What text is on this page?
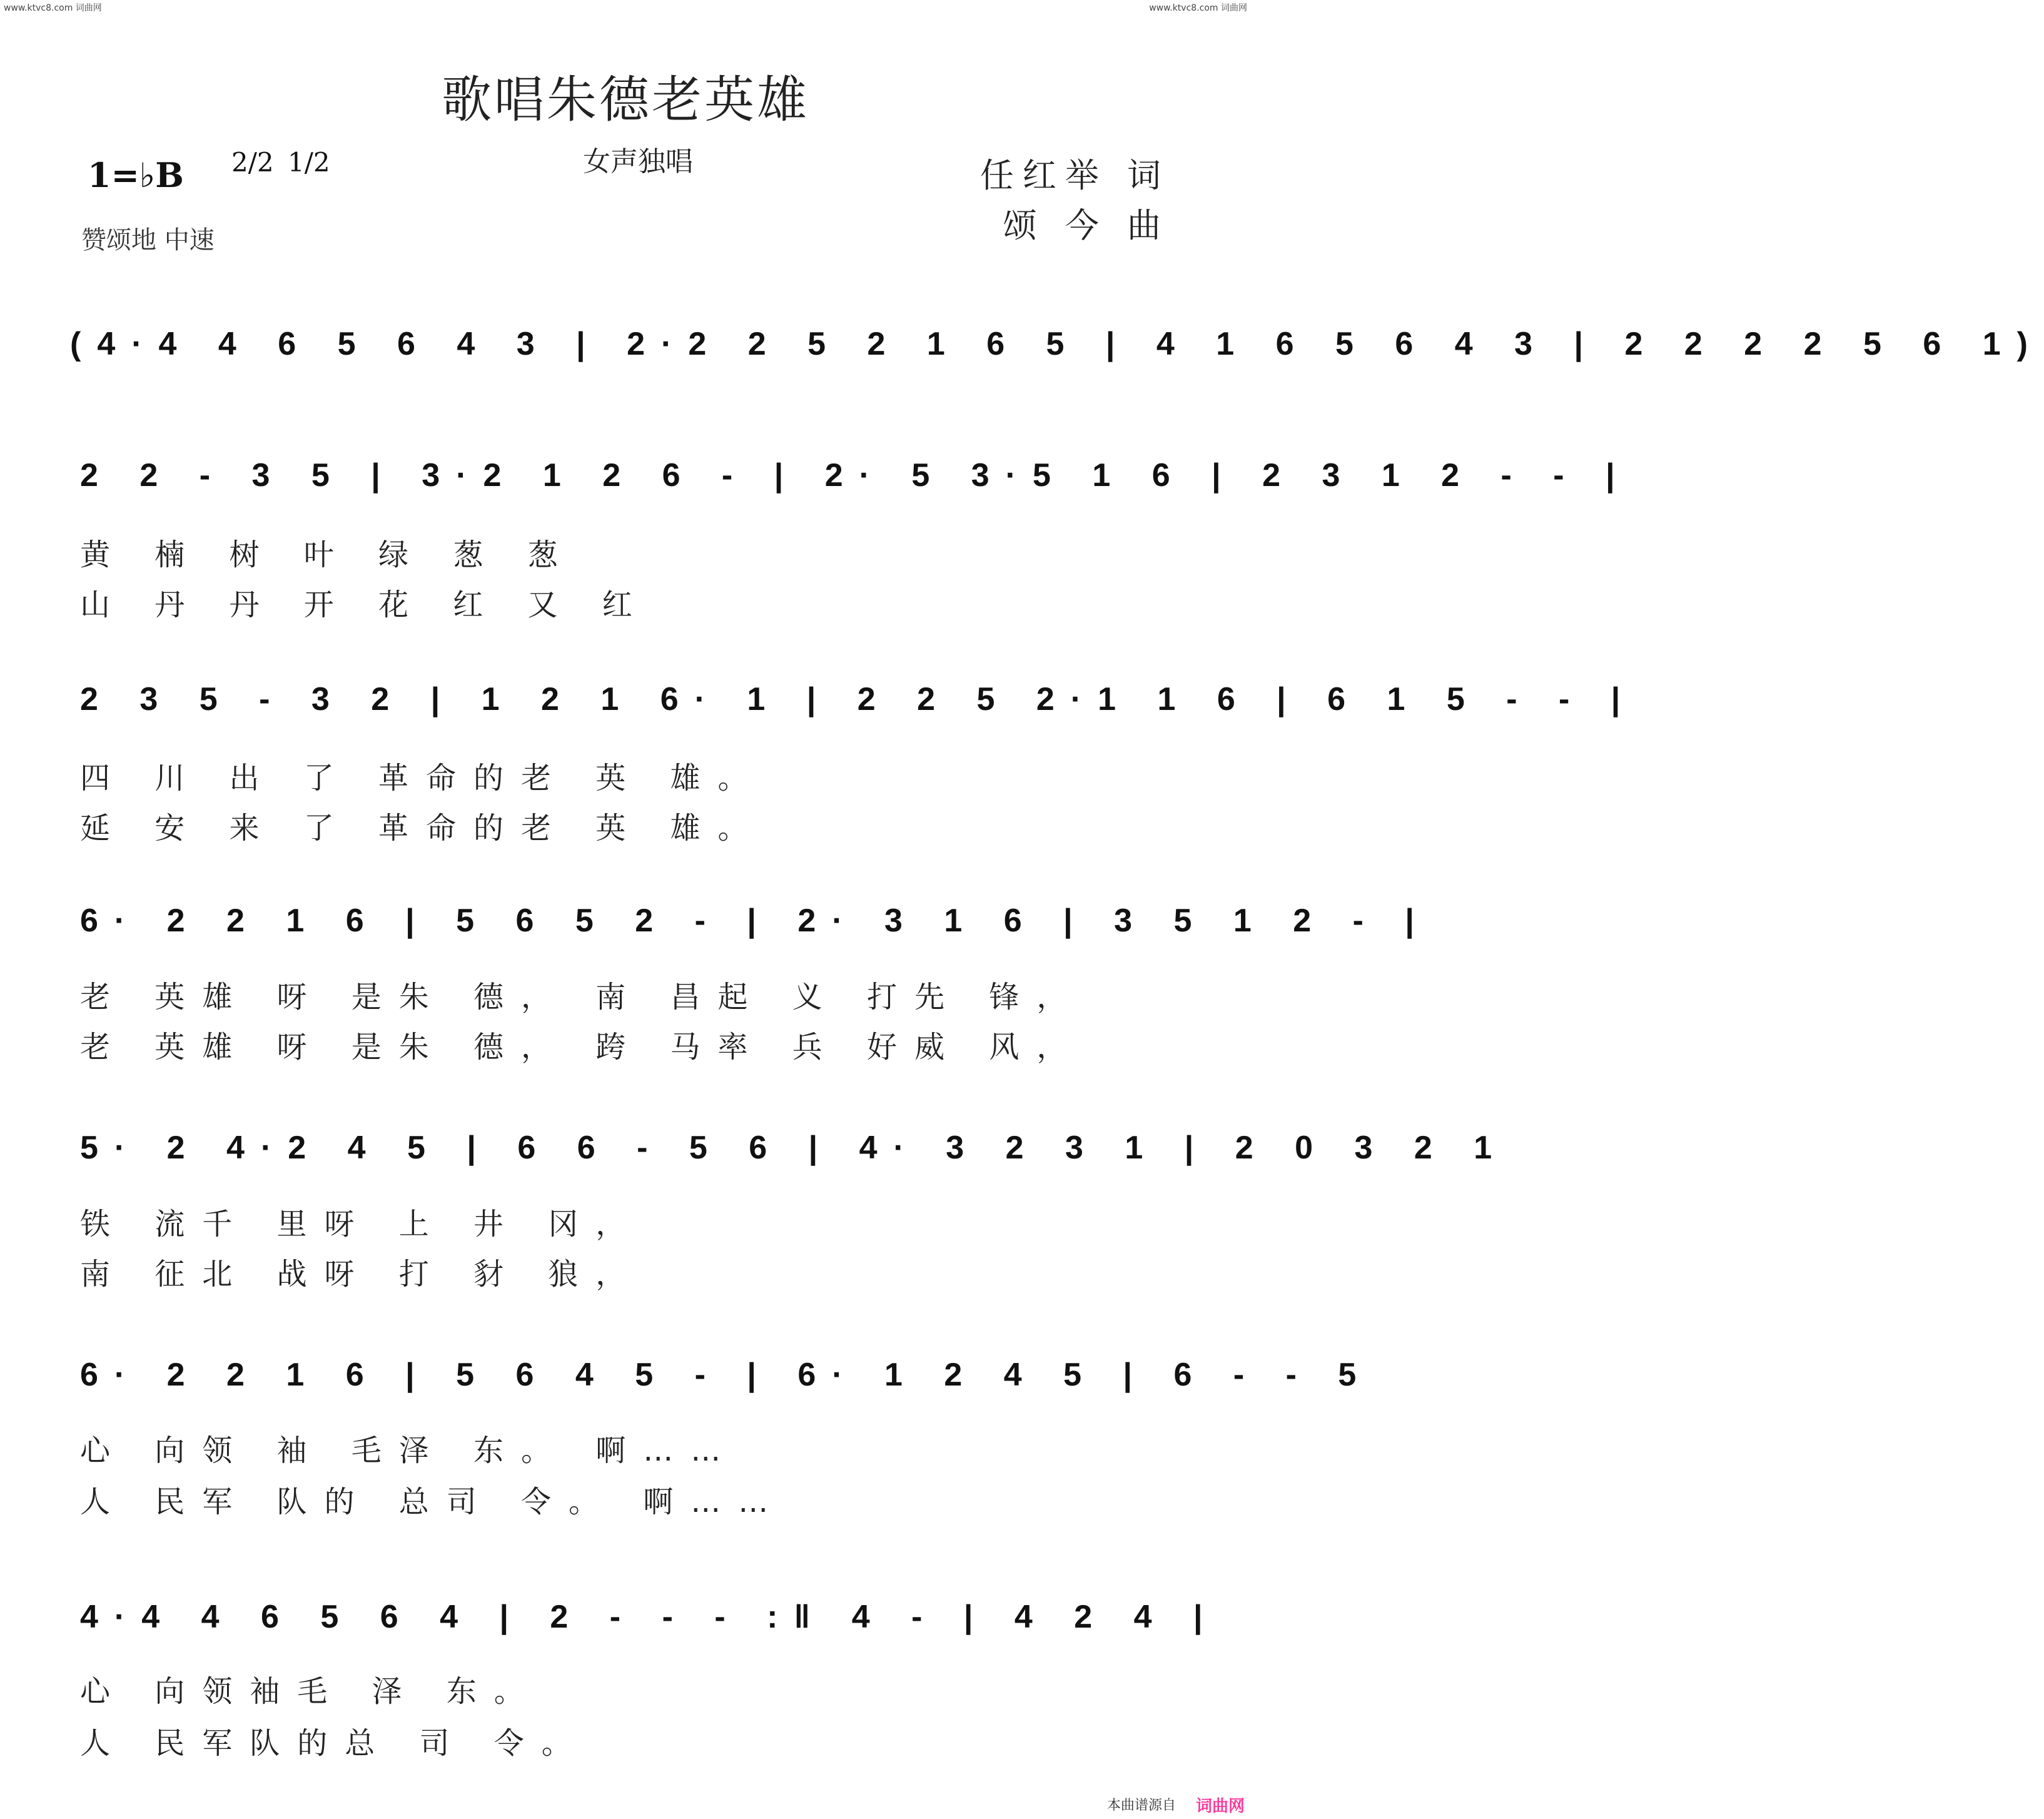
www.ktvc8.com 词曲网	www.ktvc8.com 词曲网
歌唱朱德老英雄
女声独唱
1=♭B 2/2 1/2
赞颂地 中速
任红举 词
颂 今 曲
(4·4 4 6 5 6 4 3 | 2·2 2 5 2 1 6 5 | 4 1 6 5 6 4 3 | 2 2 2 2 5 6 1)
2 2 - 3 5 | 3·2 1 2 6 - | 2· 5 3·5 1 6 | 2 3 1 2 - - |
黄 楠 树 叶 绿 葱 葱
山 丹 丹 开 花 红 又 红
2 3 5 - 3 2 | 1 2 1 6· 1 | 2 2 5 2·1 1 6 | 6 1 5 - - |
四 川 出 了 革命的老 英 雄。
延 安 来 了 革命的老 英 雄。
6· 2 2 1 6 | 5 6 5 2 - | 2· 3 1 6 | 3 5 1 2 - |
老 英雄 呀 是朱 德， 南 昌起 义 打先 锋，
老 英雄 呀 是朱 德， 跨 马率 兵 好威 风，
5· 2 4·2 4 5 | 6 6 - 5 6 | 4· 3 2 3 1 | 2 0 3 2 1
铁 流千 里呀 上 井 冈，
南 征北 战呀 打 豺 狼，
6· 2 2 1 6 | 5 6 4 5 - | 6· 1 2 4 5 | 6 - - 5
心 向领 袖 毛泽 东。 啊……
人 民军 队的 总司 令。 啊……
4·4 4 6 5 6 4 | 2 - - - :‖ 4 - | 4 2 4 |
心 向领袖毛 泽 东。
人 民军队的总 司 令。
本曲谱源自 词曲网
